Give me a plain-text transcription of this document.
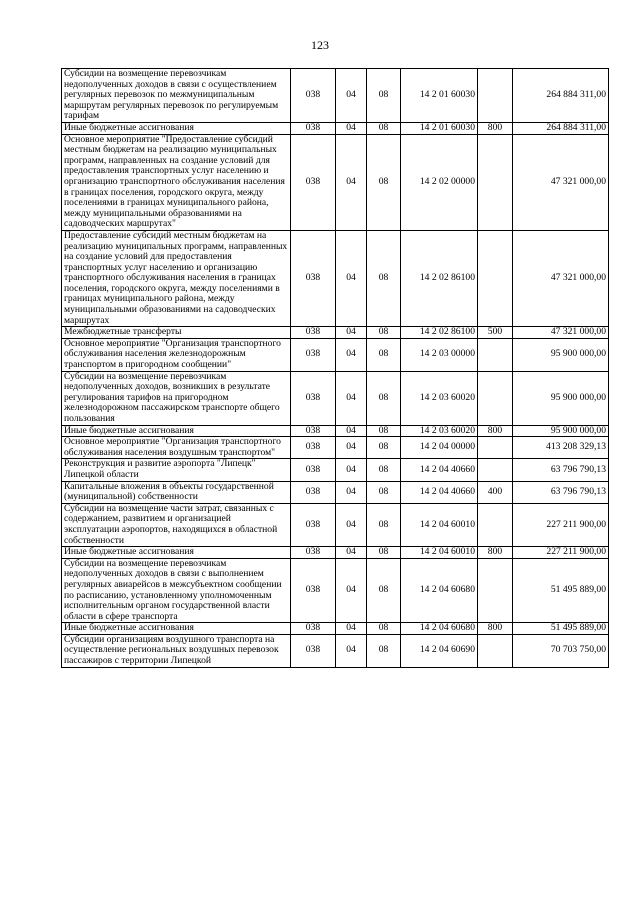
123
Субсидии на возмещение перевозчикам недополученных доходов в связи с осуществлением регулярных перевозок по межмуниципальным маршрутам регулярных перевозок по регулируемым тарифам	038	04	08	14 2 01 60030		264 884 311,00
Иные бюджетные ассигнования	038	04	08	14 2 01 60030	800	264 884 311,00
Основное мероприятие "Предоставление субсидий местным бюджетам на реализацию муниципальных программ, направленных на создание условий для предоставления транспортных услуг населению и организацию транспортного обслуживания населения в границах поселения, городского округа, между поселениями в границах муниципального района, между муниципальными образованиями на садоводческих маршрутах"	038	04	08	14 2 02 00000		47 321 000,00
Предоставление субсидий местным бюджетам на реализацию муниципальных программ, направленных на создание условий для предоставления транспортных услуг населению и организацию транспортного обслуживания населения в границах поселения, городского округа, между поселениями в границах муниципального района, между муниципальными образованиями на садоводческих маршрутах	038	04	08	14 2 02 86100		47 321 000,00
Межбюджетные трансферты	038	04	08	14 2 02 86100	500	47 321 000,00
Основное мероприятие "Организация транспортного обслуживания населения железнодорожным транспортом в пригородном сообщении"	038	04	08	14 2 03 00000		95 900 000,00
Субсидии на возмещение перевозчикам недополученных доходов, возникших в результате регулирования тарифов на пригородном железнодорожном пассажирском транспорте общего пользования	038	04	08	14 2 03 60020		95 900 000,00
Иные бюджетные ассигнования	038	04	08	14 2 03 60020	800	95 900 000,00
Основное мероприятие "Организация транспортного обслуживания населения воздушным транспортом"	038	04	08	14 2 04 00000		413 208 329,13
Реконструкция и развитие аэропорта "Липецк" Липецкой области	038	04	08	14 2 04 40660		63 796 790,13
Капитальные вложения в объекты государственной (муниципальной) собственности	038	04	08	14 2 04 40660	400	63 796 790,13
Субсидии на возмещение части затрат, связанных с содержанием, развитием и организацией эксплуатации аэропортов, находящихся в областной собственности	038	04	08	14 2 04 60010		227 211 900,00
Иные бюджетные ассигнования	038	04	08	14 2 04 60010	800	227 211 900,00
Субсидии на возмещение перевозчикам недополученных доходов в связи с выполнением регулярных авиарейсов в межсубъектном сообщении по расписанию, установленному уполномоченным исполнительным органом государственной власти области в сфере транспорта	038	04	08	14 2 04 60680		51 495 889,00
Иные бюджетные ассигнования	038	04	08	14 2 04 60680	800	51 495 889,00
Субсидии организациям воздушного транспорта на осуществление региональных воздушных перевозок пассажиров с территории Липецкой	038	04	08	14 2 04 60690		70 703 750,00
